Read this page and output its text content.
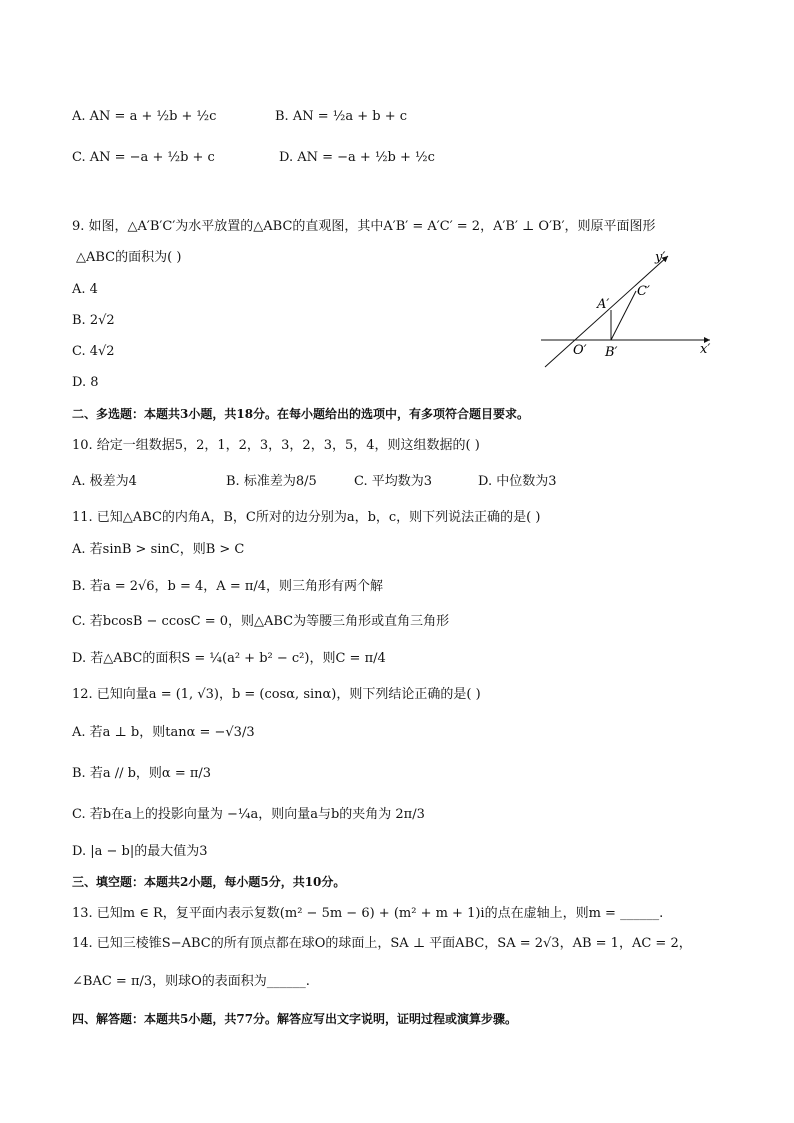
A. AN = a + ½b + ½c	B. AN = ½a + b + c
C. AN = −a + ½b + c	D. AN = −a + ½b + ½c
9. 如图，△A′B′C′为水平放置的△ABC的直观图，其中A′B′ = A′C′ = 2，A′B′ ⊥ O′B′，则原平面图形
△ABC的面积为( )
A. 4
B. 2√2
C. 4√2
D. 8
y′
x′
O′
A′
B′
C′
二、多选题：本题共3小题，共18分。在每小题给出的选项中，有多项符合题目要求。
10. 给定一组数据5，2，1，2，3，3，2，3，5，4，则这组数据的( )
A. 极差为4	B. 标准差为8/5	C. 平均数为3	D. 中位数为3
11. 已知△ABC的内角A，B，C所对的边分别为a，b，c，则下列说法正确的是( )
A. 若sinB > sinC，则B > C
B. 若a = 2√6，b = 4，A = π/4，则三角形有两个解
C. 若bcosB − ccosC = 0，则△ABC为等腰三角形或直角三角形
D. 若△ABC的面积S = ¼(a² + b² − c²)，则C = π/4
12. 已知向量a = (1, √3)，b = (cosα, sinα)，则下列结论正确的是( )
A. 若a ⊥ b，则tanα = −√3/3
B. 若a // b，则α = π/3
C. 若b在a上的投影向量为 −¼a，则向量a与b的夹角为 2π/3
D. |a − b|的最大值为3
三、填空题：本题共2小题，每小题5分，共10分。
13. 已知m ∈ R，复平面内表示复数(m² − 5m − 6) + (m² + m + 1)i的点在虚轴上，则m = ______.
14. 已知三棱锥S−ABC的所有顶点都在球O的球面上，SA ⊥ 平面ABC，SA = 2√3，AB = 1，AC = 2，
∠BAC = π/3，则球O的表面积为______.
四、解答题：本题共5小题，共77分。解答应写出文字说明，证明过程或演算步骤。
